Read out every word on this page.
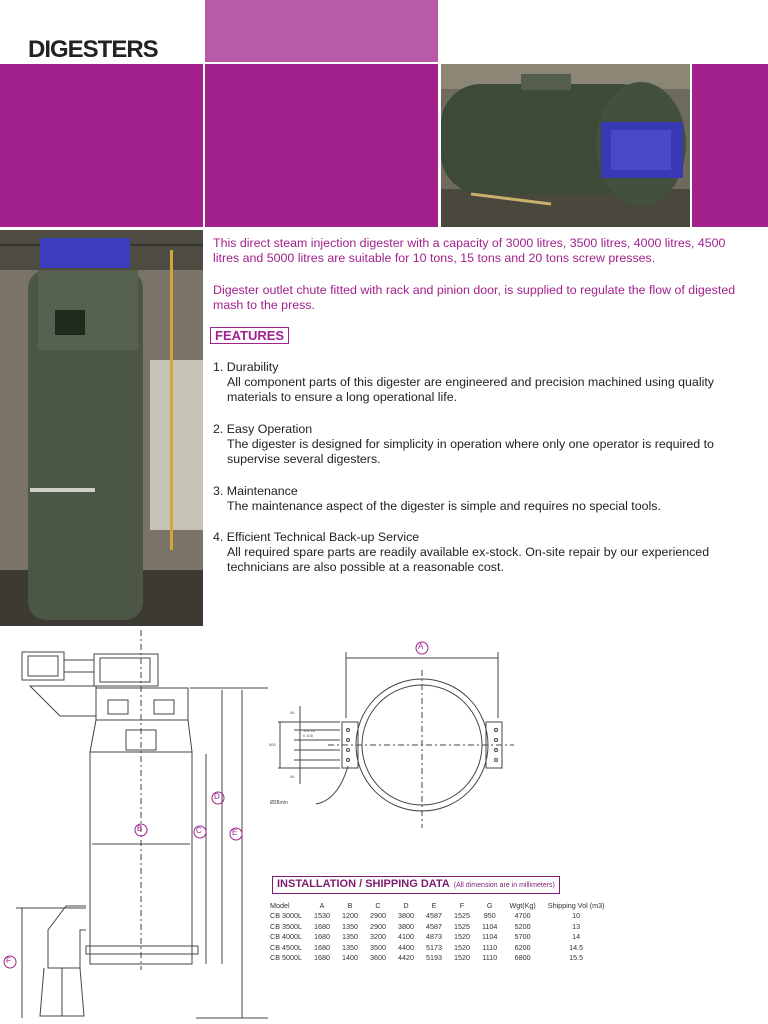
DIGESTERS
This direct steam injection digester with a capacity of 3000 litres, 3500 litres, 4000 litres, 4500 litres and 5000 litres are suitable for 10 tons, 15 tons and 20 tons screw presses.
Digester outlet chute fitted with rack and pinion door, is supplied to regulate the flow of digested mash to the press.
FEATURES
1. Durability
All component parts of this digester are engineered and precision machined using quality materials to ensure a long operational life.
2. Easy Operation
The digester is designed for simplicity in operation where only one operator is required to supervise several digesters.
3. Maintenance
The maintenance aspect of the digester is simple and requires no special tools.
4. Efficient Technical Back-up Service
All required spare parts are readily available ex-stock. On-site repair by our experienced technicians are also possible at a reasonable cost.
B	C
D
E
F
A
Ø28mm
40
500
100 100 100
40
INSTALLATION / SHIPPING DATA (All dimension are in millimeters)
Model	A	B	C	D	E	F	G	Wgt(Kg)	Shipping Vol (m3)
CB 3000L	1530	1200	2900	3800	4587	1525	950	4700	10
CB 3500L	1680	1350	2900	3800	4587	1525	1104	5200	13
CB 4000L	1680	1350	3200	4100	4873	1520	1104	5700	14
CB 4500L	1680	1350	3500	4400	5173	1520	1110	6200	14.5
CB 5000L	1680	1400	3600	4420	5193	1520	1110	6800	15.5
